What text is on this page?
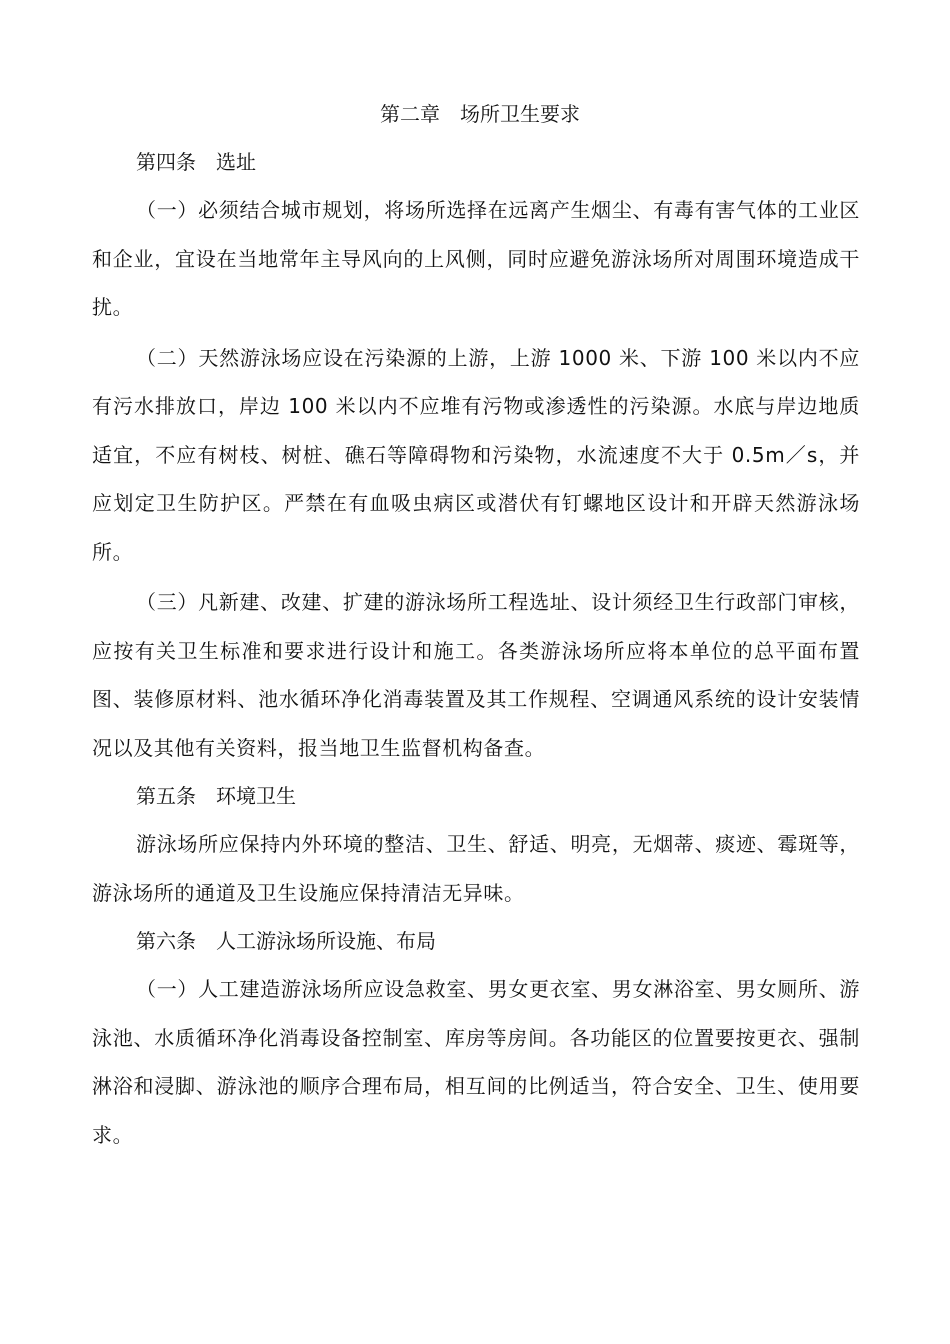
第二章　场所卫生要求
第四条　选址

（一）必须结合城市规划，将场所选择在远离产生烟尘、有毒有害气体的工业区和企业，宜设在当地常年主导风向的上风侧，同时应避免游泳场所对周围环境造成干扰。

（二）天然游泳场应设在污染源的上游，上游 1000 米、下游 100 米以内不应有污水排放口，岸边 100 米以内不应堆有污物或渗透性的污染源。水底与岸边地质适宜，不应有树枝、树桩、礁石等障碍物和污染物，水流速度不大于 0.5m／s，并应划定卫生防护区。严禁在有血吸虫病区或潜伏有钉螺地区设计和开辟天然游泳场所。

（三）凡新建、改建、扩建的游泳场所工程选址、设计须经卫生行政部门审核，应按有关卫生标准和要求进行设计和施工。各类游泳场所应将本单位的总平面布置图、装修原材料、池水循环净化消毒装置及其工作规程、空调通风系统的设计安装情况以及其他有关资料，报当地卫生监督机构备查。

第五条　环境卫生

游泳场所应保持内外环境的整洁、卫生、舒适、明亮，无烟蒂、痰迹、霉斑等，游泳场所的通道及卫生设施应保持清洁无异味。

第六条　人工游泳场所设施、布局

（一）人工建造游泳场所应设急救室、男女更衣室、男女淋浴室、男女厕所、游泳池、水质循环净化消毒设备控制室、库房等房间。各功能区的位置要按更衣、强制淋浴和浸脚、游泳池的顺序合理布局，相互间的比例适当，符合安全、卫生、使用要求。
